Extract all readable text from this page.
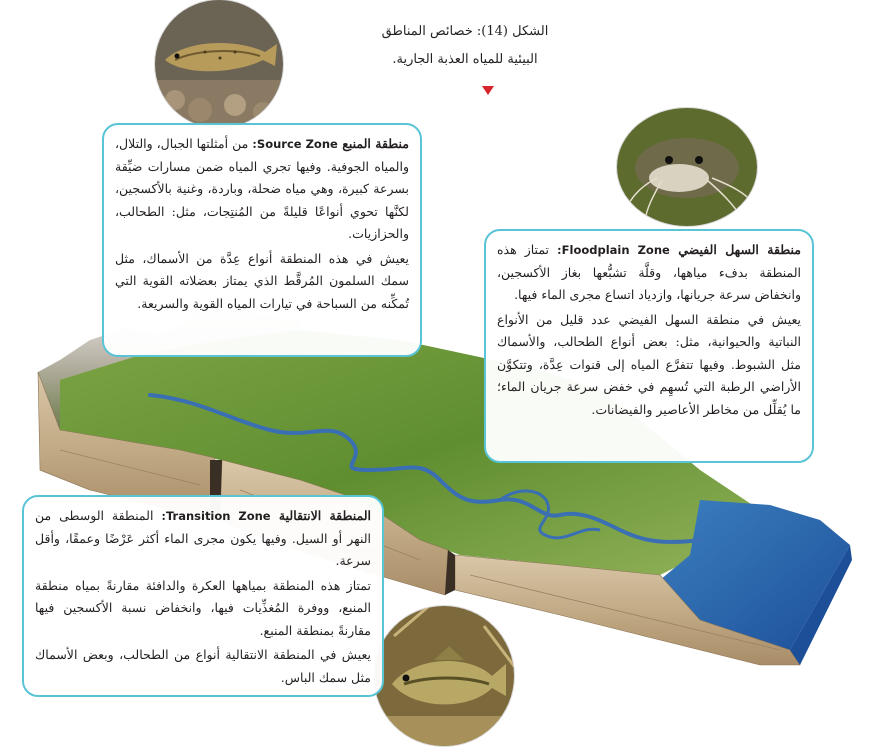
الشكل (14): خصائص المناطق
البيئية للمياه العذبة الجارية.

منطقة المنبع Source Zone: من أمثلتها الجبال، والتلال، والمياه الجوفية. وفيها تجري المياه ضمن مسارات ضيِّقة بسرعة كبيرة، وهي مياه ضحلة، وباردة، وغنية بالأكسجين، لكنَّها تحوي أنواعًا قليلةً من المُنتِجات، مثل: الطحالب، والحزازيات.

يعيش في هذه المنطقة أنواع عِدَّة من الأسماك، مثل سمك السلمون المُرقَّط الذي يمتاز بعضلاته القوية التي تُمكِّنه من السباحة في تيارات المياه القوية والسريعة.

منطقة السهل الفيضي Floodplain Zone: تمتاز هذه المنطقة بدفء مياهها، وقلَّة تشبُّعها بغاز الأكسجين، وانخفاض سرعة جريانها، وازدياد اتساع مجرى الماء فيها.

يعيش في منطقة السهل الفيضي عدد قليل من الأنواع النباتية والحيوانية، مثل: بعض أنواع الطحالب، والأسماك مثل الشبوط. وفيها تتفرَّع المياه إلى قنوات عِدَّة، وتتكوَّن الأراضي الرطبة التي تُسهِم في خفض سرعة جريان الماء؛ ما يُقلِّل من مخاطر الأعاصير والفيضانات.

المنطقة الانتقالية Transition Zone: المنطقة الوسطى من النهر أو السيل. وفيها يكون مجرى الماء أكثر عَرْضًا وعمقًا، وأقل سرعة.

تمتاز هذه المنطقة بمياهها العكرة والدافئة مقارنةً بمياه منطقة المنبع، ووفرة المُغذِّيات فيها، وانخفاض نسبة الأكسجين فيها مقارنةً بمنطقة المنبع.

يعيش في المنطقة الانتقالية أنواع من الطحالب، وبعض الأسماك مثل سمك الباس.
